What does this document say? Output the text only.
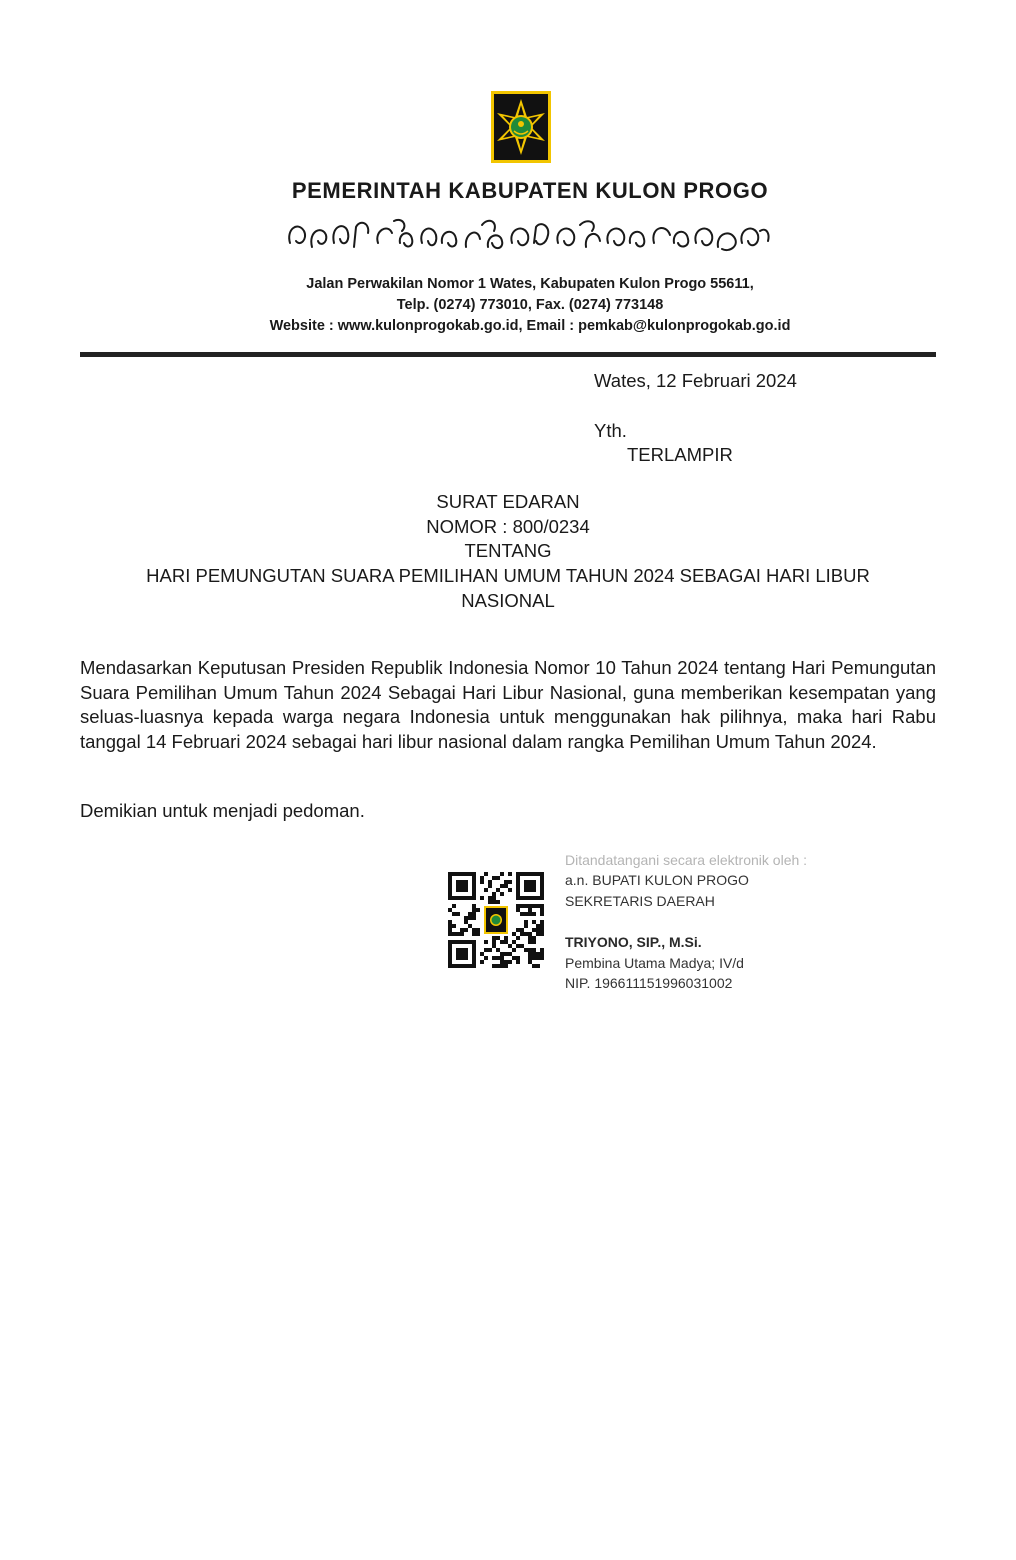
PEMERINTAH KABUPATEN KULON PROGO
Jalan Perwakilan Nomor 1 Wates, Kabupaten Kulon Progo 55611,
Telp. (0274) 773010, Fax. (0274) 773148
Website : www.kulonprogokab.go.id, Email : pemkab@kulonprogokab.go.id
Wates, 12 Februari 2024
Yth.
TERLAMPIR
SURAT EDARAN
NOMOR : 800/0234
TENTANG
HARI PEMUNGUTAN SUARA PEMILIHAN UMUM TAHUN 2024 SEBAGAI HARI LIBUR
NASIONAL
Mendasarkan Keputusan Presiden Republik Indonesia Nomor 10 Tahun 2024 tentang Hari Pemungutan Suara Pemilihan Umum Tahun 2024 Sebagai Hari Libur Nasional, guna memberikan kesempatan yang seluas-luasnya kepada warga negara Indonesia untuk menggunakan hak pilihnya, maka hari Rabu tanggal 14 Februari 2024 sebagai hari libur nasional dalam rangka Pemilihan Umum Tahun 2024.
Demikian untuk menjadi pedoman.
Ditandatangani secara elektronik oleh :
a.n. BUPATI KULON PROGO
SEKRETARIS DAERAH
TRIYONO, SIP., M.Si.
Pembina Utama Madya; IV/d
NIP. 196611151996031002
